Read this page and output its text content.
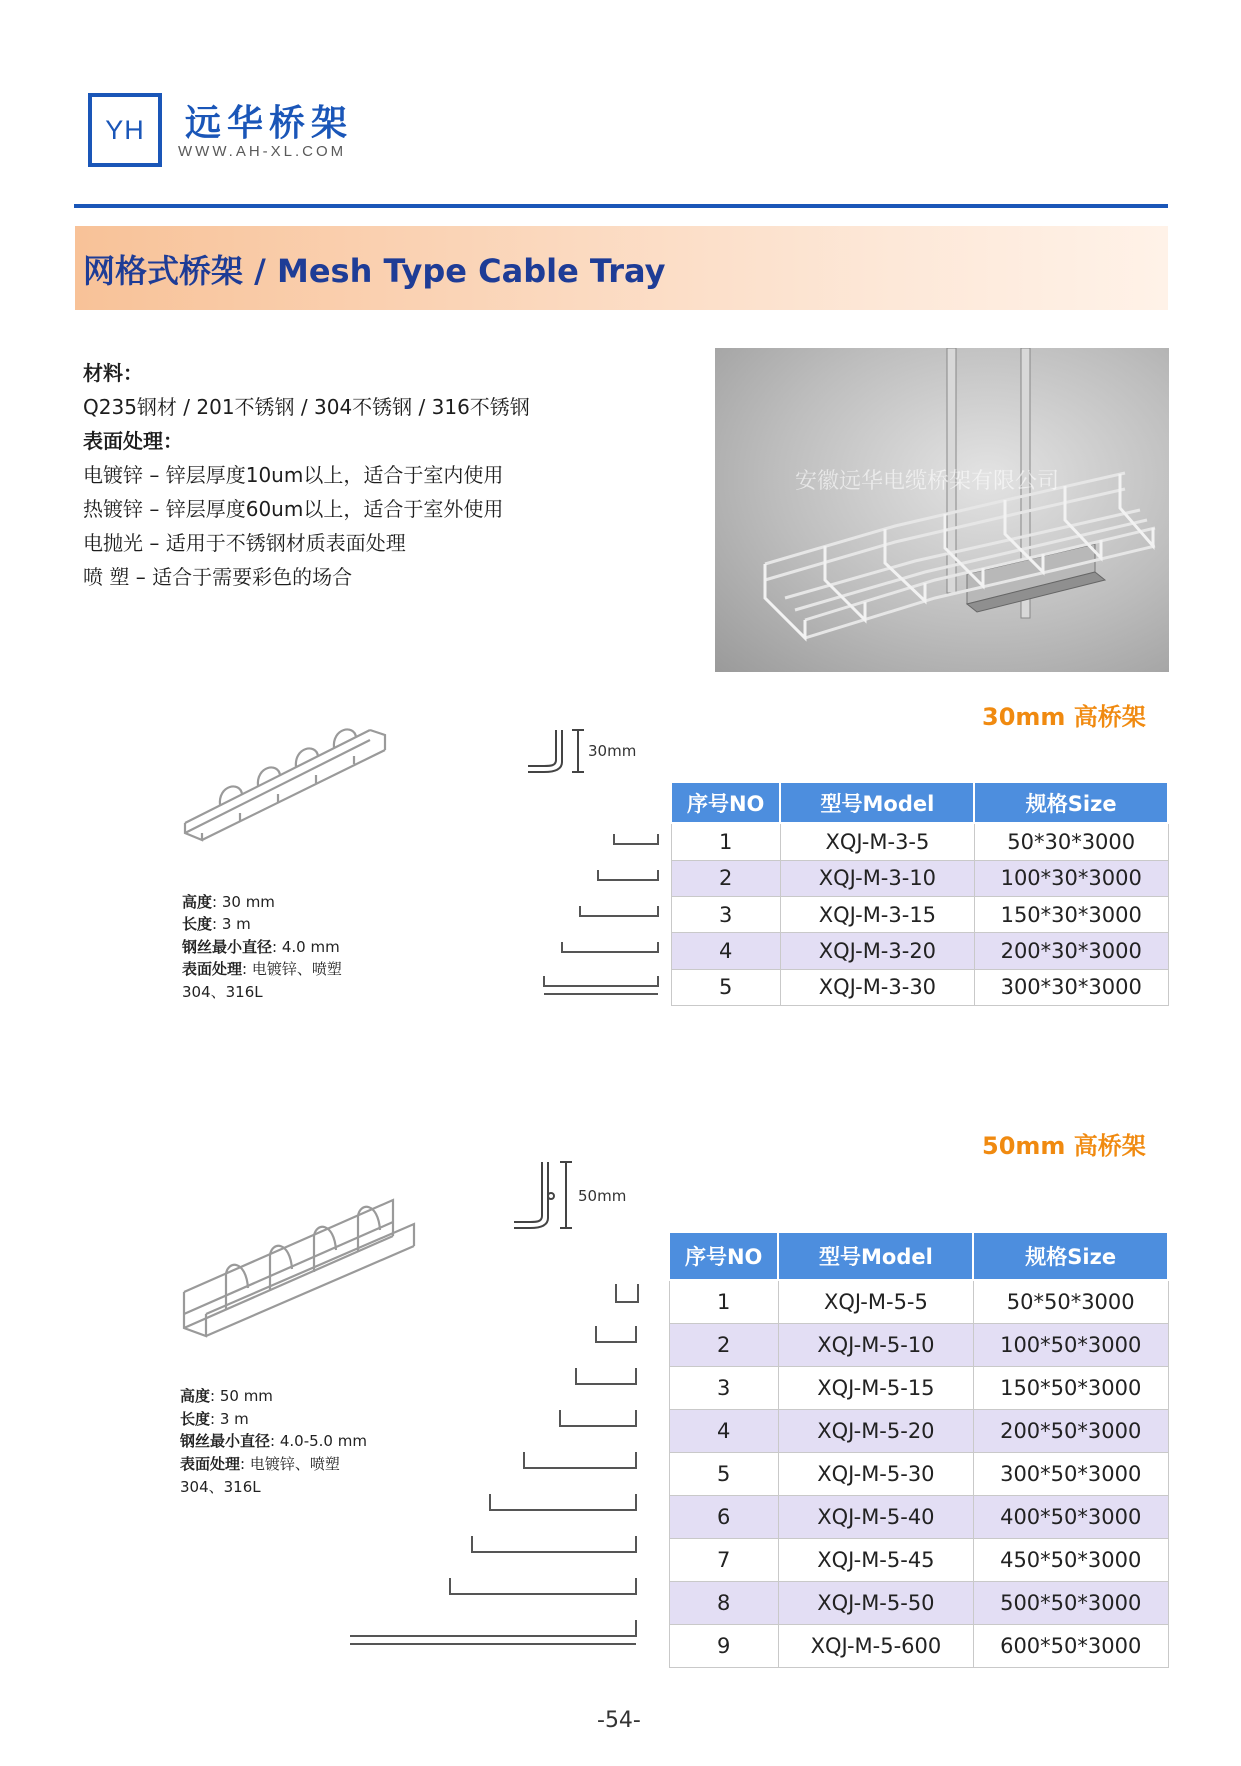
YH	远华桥架
WWW.AH-XL.COM
网格式桥架 / Mesh Type Cable Tray
材料：
Q235钢材 / 201不锈钢 / 304不锈钢 / 316不锈钢
表面处理：
电镀锌 – 锌层厚度10um以上，适合于室内使用
热镀锌 – 锌层厚度60um以上，适合于室外使用
电抛光 – 适用于不锈钢材质表面处理
喷 塑 – 适合于需要彩色的场合
安徽远华电缆桥架有限公司
30mm 高桥架
高度: 30 mm
长度: 3 m
钢丝最小直径: 4.0 mm
表面处理: 电镀锌、喷塑
304、316L
30mm
序号NO	型号Model	规格Size
1	XQJ-M-3-5	50*30*3000
2	XQJ-M-3-10	100*30*3000
3	XQJ-M-3-15	150*30*3000
4	XQJ-M-3-20	200*30*3000
5	XQJ-M-3-30	300*30*3000
50mm 高桥架
高度: 50 mm
长度: 3 m
钢丝最小直径: 4.0-5.0 mm
表面处理: 电镀锌、喷塑
304、316L
50mm
序号NO	型号Model	规格Size
1	XQJ-M-5-5	50*50*3000
2	XQJ-M-5-10	100*50*3000
3	XQJ-M-5-15	150*50*3000
4	XQJ-M-5-20	200*50*3000
5	XQJ-M-5-30	300*50*3000
6	XQJ-M-5-40	400*50*3000
7	XQJ-M-5-45	450*50*3000
8	XQJ-M-5-50	500*50*3000
9	XQJ-M-5-600	600*50*3000
-54-
